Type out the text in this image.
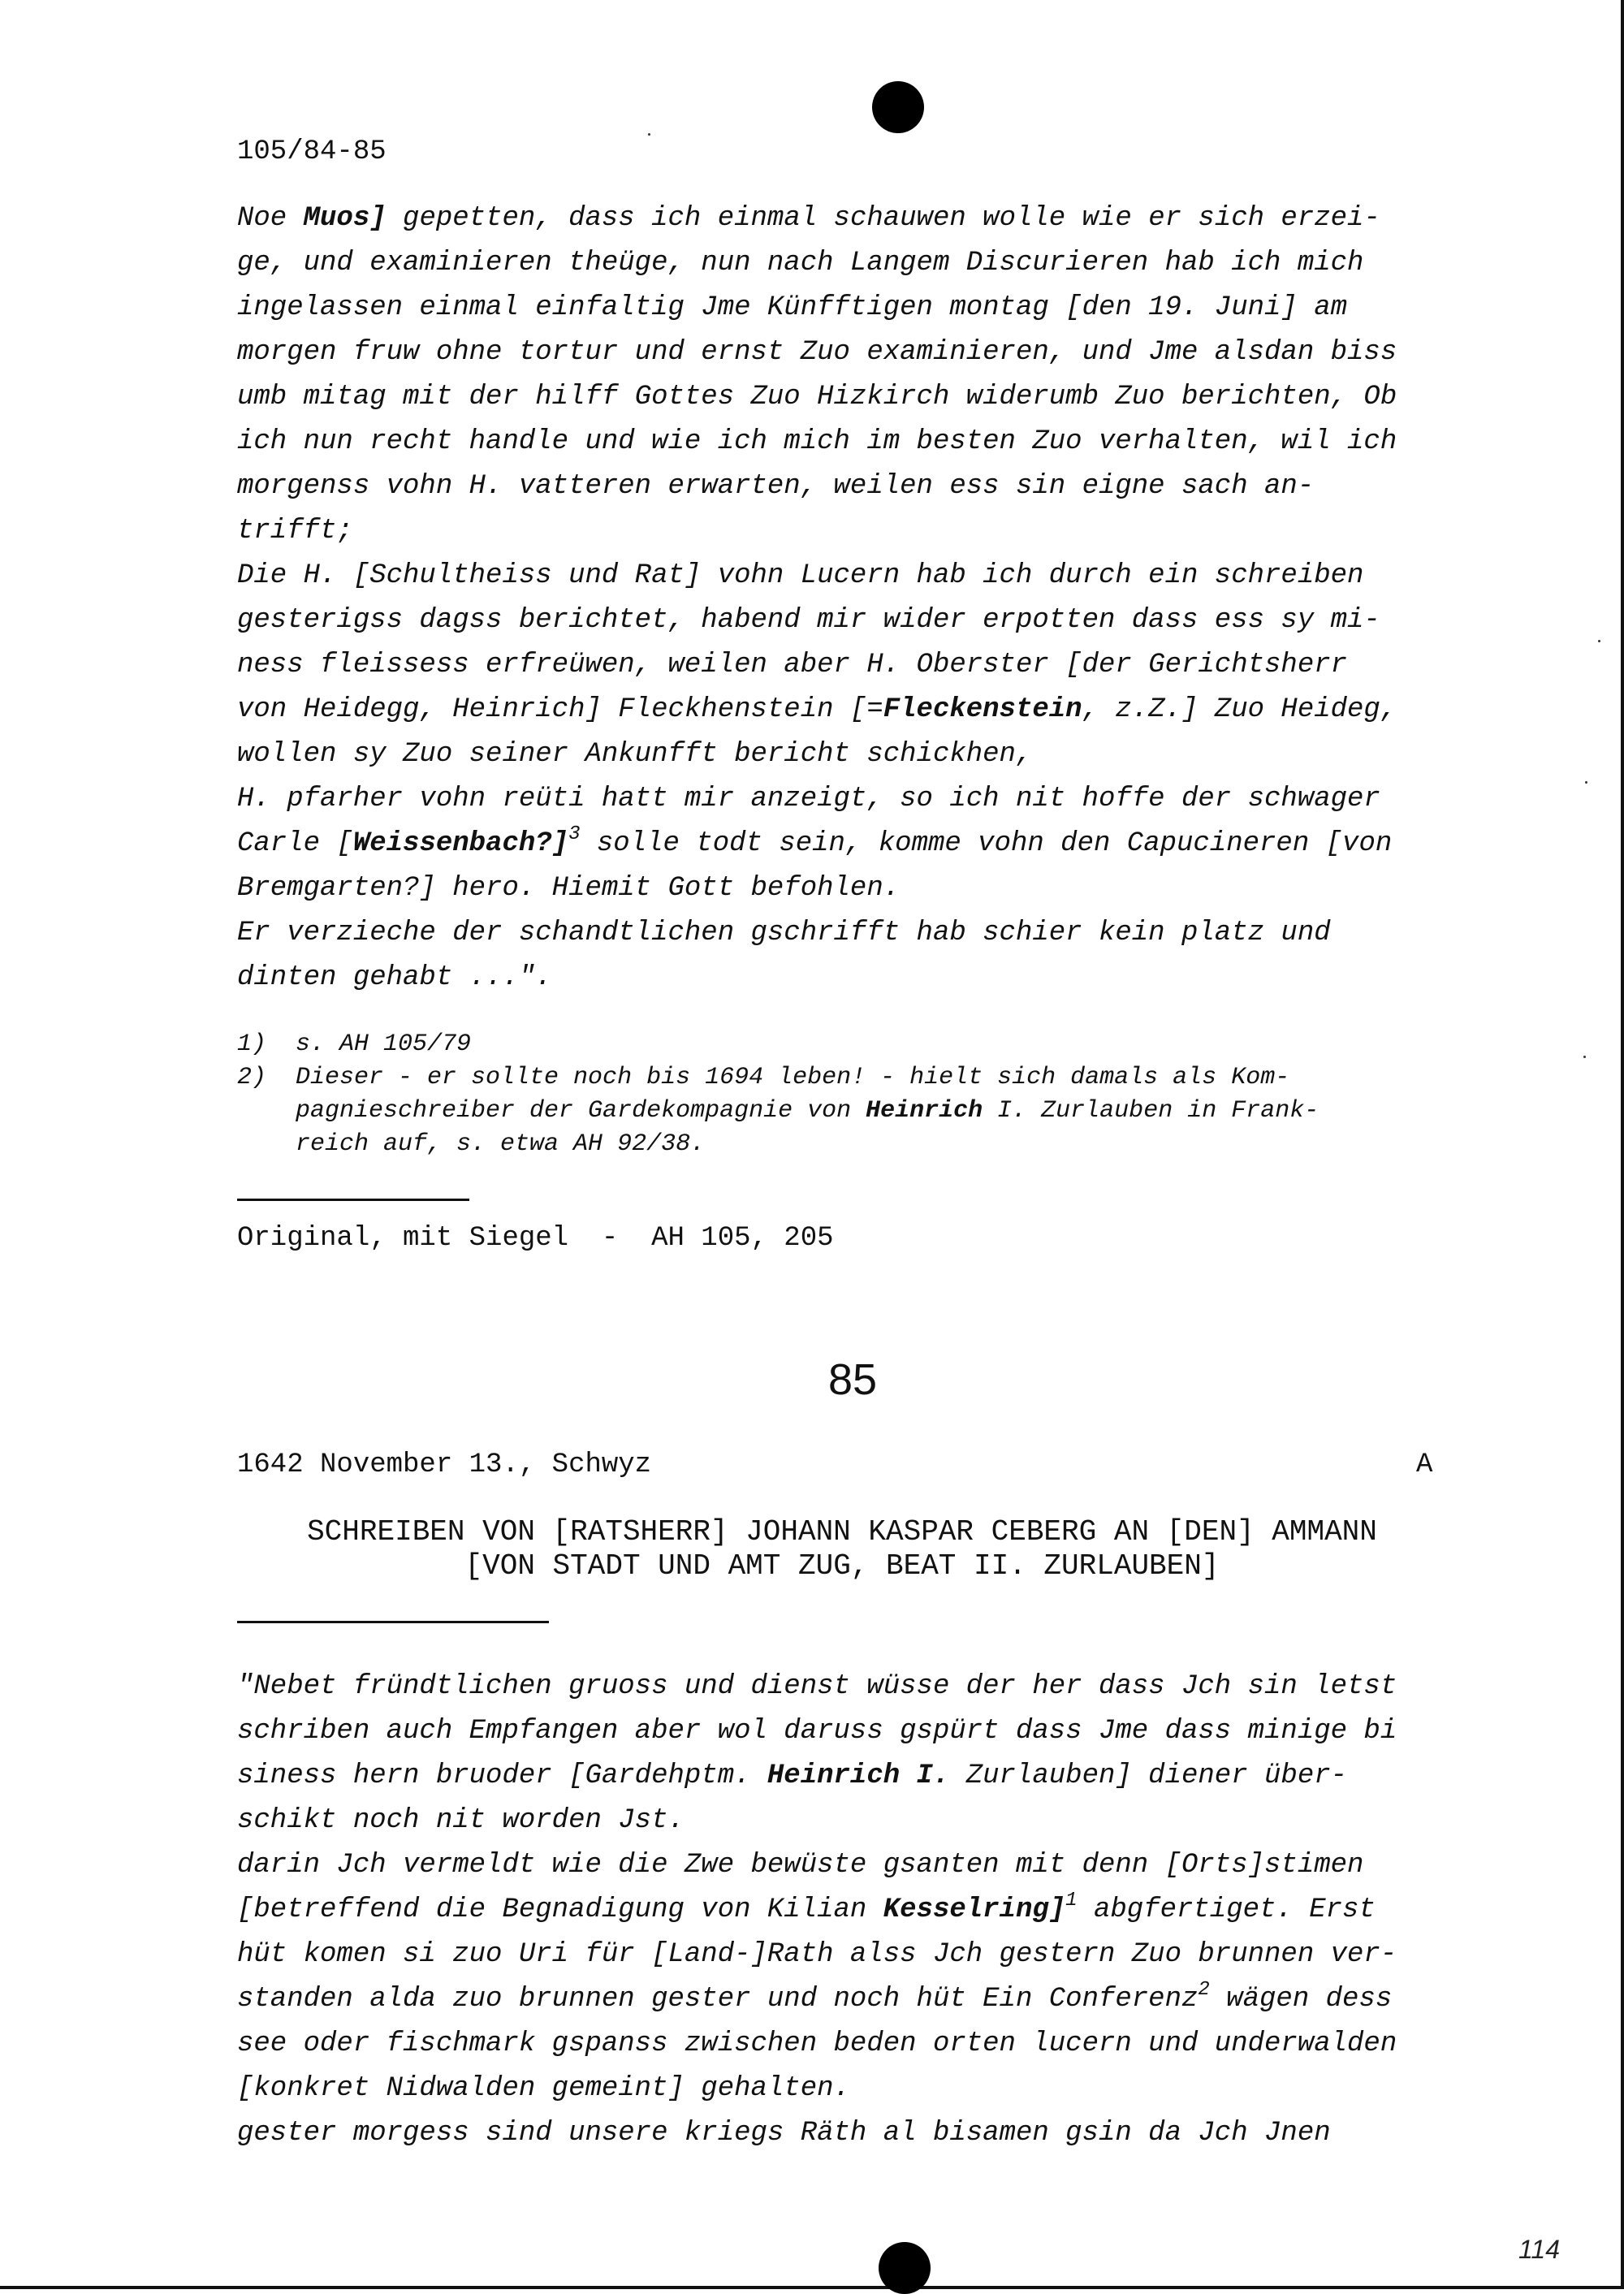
105/84-85

Noe Muos] gepetten, dass ich einmal schauwen wolle wie er sich erzei-

ge, und examinieren theüge, nun nach Langem Discurieren hab ich mich

ingelassen einmal einfaltig Jme Künfftigen montag [den 19. Juni] am

morgen fruw ohne tortur und ernst Zuo examinieren, und Jme alsdan biss

umb mitag mit der hilff Gottes Zuo Hizkirch widerumb Zuo berichten, Ob

ich nun recht handle und wie ich mich im besten Zuo verhalten, wil ich

morgenss vohn H. vatteren erwarten, weilen ess sin eigne sach an-

trifft;

Die H. [Schultheiss und Rat] vohn Lucern hab ich durch ein schreiben

gesterigss dagss berichtet, habend mir wider erpotten dass ess sy mi-

ness fleissess erfreüwen, weilen aber H. Oberster [der Gerichtsherr

von Heidegg, Heinrich] Fleckhenstein [=Fleckenstein, z.Z.] Zuo Heideg,

wollen sy Zuo seiner Ankunfft bericht schickhen,

H. pfarher vohn reüti hatt mir anzeigt, so ich nit hoffe der schwager

Carle [Weissenbach?]$^3$ solle todt sein, komme vohn den Capucineren [von

Bremgarten?] hero. Hiemit Gott befohlen.

Er verzieche der schandtlichen gschrifft hab schier kein platz und

dinten gehabt ...".

1)	s. AH 105/79
2)	Dieser - er sollte noch bis 1694 leben! - hielt sich damals als Kom-
pagnieschreiber der Gardekompagnie von Heinrich I. Zurlauben in Frank-
reich auf, s. etwa AH 92/38.
Original, mit Siegel  -  AH 105, 205
85
1642 November 13., Schwyz	A
SCHREIBEN VON [RATSHERR] JOHANN KASPAR CEBERG AN [DEN] AMMANN
[VON STADT UND AMT ZUG, BEAT II. ZURLAUBEN]

"Nebet fründtlichen gruoss und dienst wüsse der her dass Jch sin letst

schriben auch Empfangen aber wol daruss gspürt dass Jme dass minige bi

siness hern bruoder [Gardehptm. Heinrich I. Zurlauben] diener über-

schikt noch nit worden Jst.

darin Jch vermeldt wie die Zwe bewüste gsanten mit denn [Orts]stimen

[betreffend die Begnadigung von Kilian Kesselring]$^1$ abgfertiget. Erst

hüt komen si zuo Uri für [Land-]Rath alss Jch gestern Zuo brunnen ver-

standen alda zuo brunnen gester und noch hüt Ein Conferenz$^2$ wägen dess

see oder fischmark gspanss zwischen beden orten lucern und underwalden

[konkret Nidwalden gemeint] gehalten.

gester morgess sind unsere kriegs Räth al bisamen gsin da Jch Jnen

114
